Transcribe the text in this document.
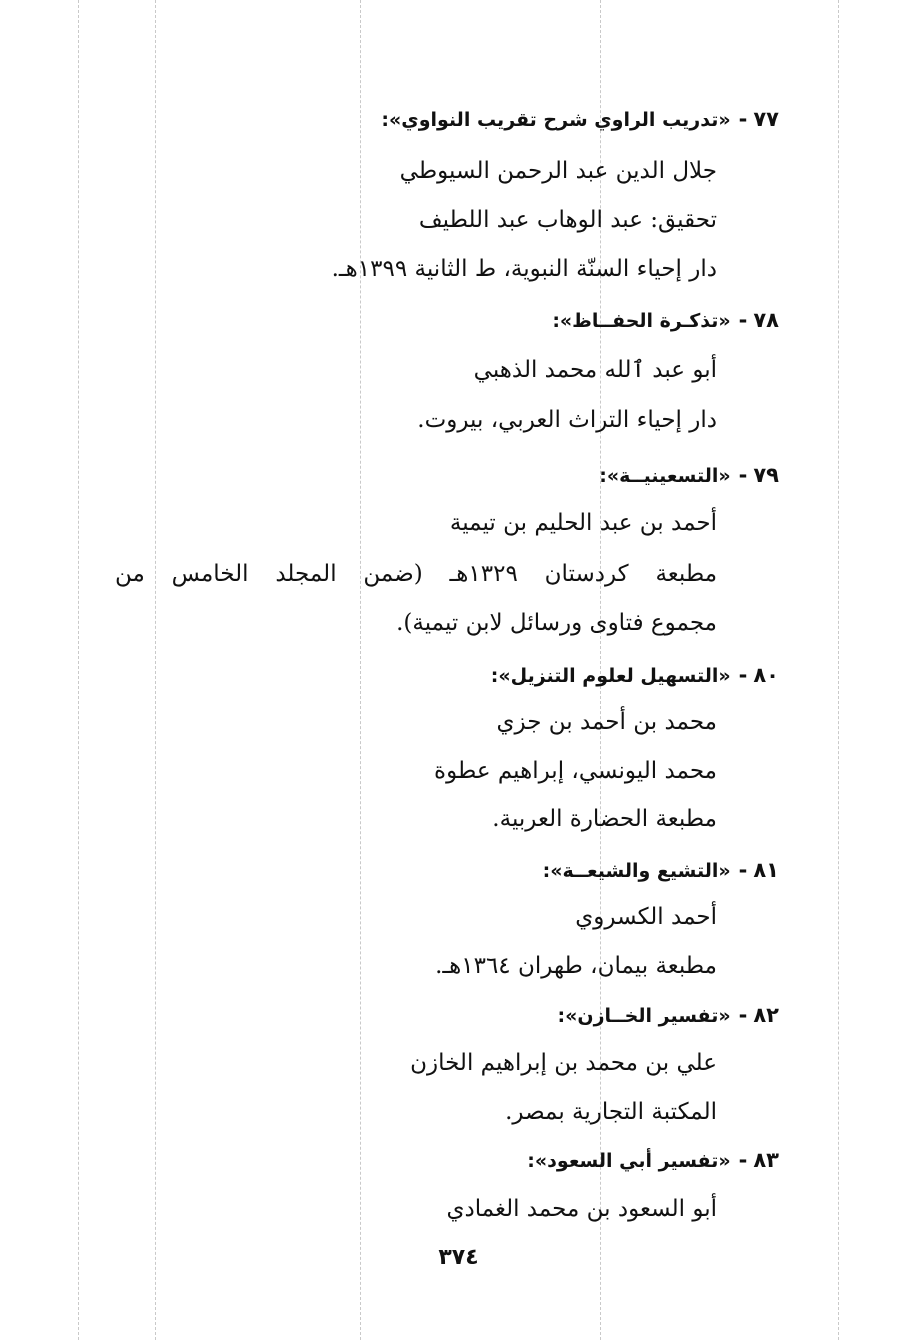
٧٧-«تدريب الراوي شرح تقريب النواوي»:
جلال الدين عبد الرحمن السيوطي
تحقيق: عبد الوهاب عبد اللطيف
دار إحياء السنّة النبوية، ط الثانية ١٣٩٩هـ.
٧٨-«تذكـرة الحفــاظ»:
أبو عبد ٱلله محمد الذهبي
دار إحياء التراث العربي، بيروت.
٧٩-«التسعينيــة»:
أحمد بن عبد الحليم بن تيمية
مطبعة كردستان ١٣٢٩هـ (ضمن المجلد الخامس من
مجموع فتاوى ورسائل لابن تيمية).
٨٠-«التسهيل لعلوم التنزيل»:
محمد بن أحمد بن جزي
محمد اليونسي، إبراهيم عطوة
مطبعة الحضارة العربية.
٨١-«التشيع والشيعــة»:
أحمد الكسروي
مطبعة بيمان، طهران ١٣٦٤هـ.
٨٢-«تفسير الخــازن»:
علي بن محمد بن إبراهيم الخازن
المكتبة التجارية بمصر.
٨٣-«تفسير أبي السعود»:
أبو السعود بن محمد الغمادي
٣٧٤
